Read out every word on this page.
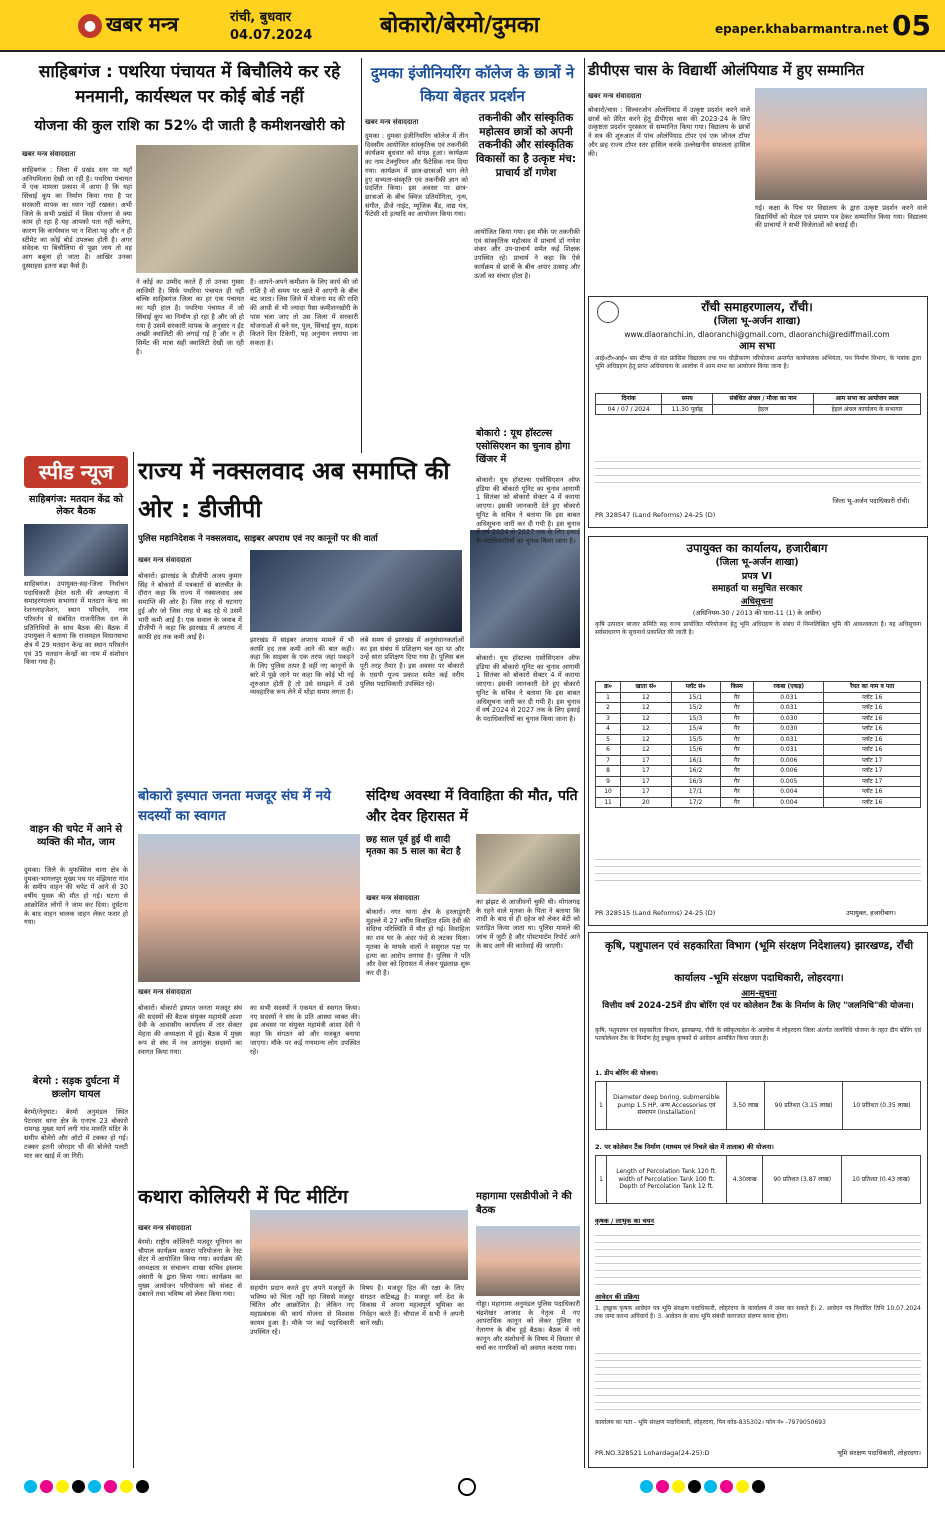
● खबर मन्त्र	रांची, बुधवार
04.07.2024	बोकारो/बेरमो/दुमका	epaper.khabarmantra.net 05
साहिबगंज : पथरिया पंचायत में बिचौलिये कर रहे मनमानी, कार्यस्थल पर कोई बोर्ड नहीं
योजना की कुल राशि का 52% दी जाती है कमीशनखोरी को
खबर मन्त्र संवाददाता
साहिबगंज : जिला में प्रखंड स्तर पर यहाँ अनियमितता देखी जा रही है। पथरिया पंचायत में एक मामला प्रकाश में आया है कि यहां सिंचाई कूप का निर्माण किया गया है पर सरकारी मापक का ध्यान नहीं रखकर। अभी जिले के सभी प्रखंडों में किस योजना से क्या काम हो रहा है यह आपको पता नहीं चलेगा, कारण कि कार्यस्थल पर न शिला पट्ट और न ही स्टीमेट का कोई बोर्ड उपलब्ध होती है। अगर संवेदक या बिचौलिया से पूछा जाय तो वह आग बबूला हो जाता है। आखिर उनका दुस्साहस इतना बढ़ा कैसे है।
ने कोई का उम्मीद करते हैं तो उनका गुस्सा लाजिमी है। सिर्फ पथरिया पंचायत ही नहीं बल्कि साहिबगंज जिला का हर एक पंचायत का यही हाल है। पथरिया पंचायत में जो सिंचाई कूप का निर्माण हो रहा है और जो हो गया है उसमें सरकारी मापक के अनुसार न ईट अच्छी क्वालिटी की लगाई गई है और न ही सिमेंट की मात्रा सही क्वालिटी देखी जा रही है।
है। आपने-अपने कमीशन के लिए कार्य की जो राशि है वो समय पर खाते में आएगी के बीच बंट जाता। जिस जिले में योजना मद की राशि की आधी से भी ज्यादा पैसा कमीशनखोरी के पास चला जाए तो उस जिला में सरकारी योजनाओं से बने घर, पुल, सिंचाई कूप, सड़क कितने दिन टिकेगी, यह अनुमान लगाया जा सकता है।
दुमका इंजीनियरिंग कॉलेज के छात्रों ने किया बेहतर प्रदर्शन
खबर मन्त्र संवाददाता	तकनीकी और सांस्कृतिक महोत्सव छात्रों को अपनी तकनीकी और सांस्कृतिक विकासों का है उत्कृष्ट मंच: प्राचार्य डॉ गणेश
दुमका : दुमका इंजीनियरिंग कॉलेज में तीन दिवसीय आयोजित सांस्कृतिक एवं तकनीकी कार्यक्रम बुधवार को संपन्न हुआ। कार्यक्रम का नाम टेक्नुरियन और फैंटेसिक नाम दिया गया। कार्यक्रम में छात्र-छात्राओं भाग लेते हुए सभ्यता-संस्कृति एवं तकनीकी ज्ञान को प्रदर्शित किया। इस अवसर पर छात्र-छात्राओं के बीच क्विज प्रतियोगिता, नृत्य, संगीत, डीजे नाईट, म्यूजिक बैंड, वाद्य यंत्र, फैंटेसी शो इत्यादि का आयोजन किया गया।
आयोजित किया गया। इस मौके पर तकनीकी एवं सांस्कृतिक महोत्सव में प्राचार्य डॉ गणेश शंकर और उप-प्राचार्य समेत कई शिक्षक उपस्थित रहे। प्राचार्य ने कहा कि ऐसे कार्यक्रम से छात्रों के बीच अपार उत्साह और ऊर्जा का संचार होता है।
डीपीएस चास के विद्यार्थी ओलंपियाड में हुए सम्मानित
खबर मन्त्र संवाददाता
बोकारो/चास : सिल्वरजोन ओलंपियाड में उत्कृष्ट प्रदर्शन करने वाले छात्रों को प्रेरित करने हेतु डीपीएस चास की 2023-24 के लिए उत्कृष्टता प्रदर्शन पुरस्कार से सम्मानित किया गया। विद्यालय के छात्रों ने सत्र की शुरुआत में पांच ओलंपियाड टॉपर एवं एक जोनल टॉपर और छह राज्य टॉपर स्तर हासिल करके उल्लेखनीय सफलता हासिल की।
गई। कक्षा के पिच पर विद्यालय के द्वारा उत्कृष्ट प्रदर्शन करने वाले विद्यार्थियों को मेडल एवं प्रमाण पत्र देकर सम्मानित किया गया। विद्यालय की प्राचार्या ने सभी विजेताओं को बधाई दी।
राँची समाहरणालय, राँची।
(जिला भू-अर्जन शाखा)
www.dlaoranchi.in, dlaoranchi@gmail.com, dlaoranchi@rediffmail.com
आम सभा
आई०टी०आई० बस स्टैण्ड से संत फ्रांसिस विद्यालय तक पथ चौड़ीकरण परियोजना अन्तर्गत कार्यपालक अभियंता, पथ निर्माण विभाग, के पत्रांक द्वारा भूमि अधिग्रहण हेतु प्राप्त अधियाचना के आलोक में आम सभा का आयोजन किया जाना है।
दिनांक	समय	संबंधित अंचल / मौजा का नाम	आम सभा का आयोजन स्थल
04 / 07 / 2024	11.30 पूर्वाह्न	हेहल	हेहल अंचल कार्यालय के सभागार
PR 328547 (Land Reforms) 24-25 (D)
जिला भू-अर्जन पदाधिकारी राँची।
स्पीड न्यूज
साहिबगंज: मतदान केंद्र को लेकर बैठक
साहिबगंज। उपायुक्त-सह-जिला निर्वाचन पदाधिकारी हेमंत सती की अध्यक्षता में समाहरणालय सभागार में मतदान केन्द्र का रेशनलाइजेशन, स्थान परिवर्तन, नाम परिवर्तन से संबंधित राजनीतिक दल के प्रतिनिधियों के साथ बैठक की। बैठक में उपायुक्त ने बताया कि राजमहल विधानसभा क्षेत्र में 29 मतदान केन्द्र का स्थान परिवर्तन एवं 35 मतदान केन्द्रों का नाम में संशोधन किया गया है।
वाहन की चपेट में आने से व्यक्ति की मौत, जाम
दुमका। जिले के मुफस्सिल थाना क्षेत्र के दुमका-भागलपुर मुख्य पथ पर मंझियारा गांव के समीप वाहन की चपेट में आने से 30 वर्षीय युवक की मौत हो गई। घटना से आक्रोशित लोगों ने जाम कर दिया। दुर्घटना के बाद वाहन चालक वाहन लेकर फरार हो गया।
बेरमो : सड़क दुर्घटना में छःलोग घायल
बेरमो/तेनुघाट। बेरमो अनुमंडल स्थित पेटरवार थाना क्षेत्र के एनएच 23 बोकारो रामगढ़ मुख्य मार्ग लगी गांव मारुति मंदिर के समीप बोलेरो और ऑटो में टक्कर हो गई। टक्कर इतनी जोरदार थी की बोलेरो पलटी मार कर खाई में जा गिरी।
राज्य में नक्सलवाद अब समाप्ति की ओर : डीजीपी
पुलिस महानिदेशक ने नक्सलवाद, साइबर अपराध एवं नए कानूनों पर की वार्ता
खबर मन्त्र संवाददाता
बोकारो। झारखंड के डीजीपी अजय कुमार सिंह ने बोकारो में पत्रकारों से बातचीत के दौरान कहा कि राज्य में नक्सलवाद अब समाप्ति की ओर है। जिस तरह से घटनाएं हुई और जो जिस तरह से बढ़ रहे थे उसमें भारी कमी आई है। एक सवाल के जवाब में डीजीपी ने कहा कि झारखंड में अपराध में काफी हद तक कमी आई है।	झारखंड में साइबर अपराध मामले में भी काफी हद तक कमी आने की बात कही। कहा कि साइबर के एक तरफ जहां पकड़ने के लिए पुलिस तत्पर है वहीं नए कानूनों के बारे में पूछे जाने पर कहा कि कोई भी नई शुरुआत होती है तो उसे समझने में उसे व्यवहारिक रूप लेने में थोड़ा समय लगता है।
लंबे समय से झारखंड में अनुसंधानकर्ताओं का इस संबंध में प्रशिक्षण चल रहा था और उन्हें सारा प्रशिक्षण दिया गया है। पुलिस बल पूरी तरह तैयार है। इस अवसर पर बोकारो के एसपी पूज्य प्रकाश समेत कई वरीय पुलिस पदाधिकारी उपस्थित रहे।
बोकारो : यूथ हॉस्टल्स एसोसिएशन का चुनाव होगा खिंजर में
बोकारो। यूथ हॉस्टल्स एसोसिएशन ऑफ इंडिया की बोकारो यूनिट का चुनाव आगामी 1 सितंबर को बोकारो सेक्टर 4 में कराया जाएगा। इसकी जानकारी देते हुए बोकारो यूनिट के सचिव ने बताया कि इस बाबत अधिसूचना जारी कर दी गयी है। इस चुनाव में वर्ष 2024 से 2027 तक के लिए इकाई के पदाधिकारियों का चुनाव किया जाना है।
बोकारो। यूथ हॉस्टल्स एसोसिएशन ऑफ इंडिया की बोकारो यूनिट का चुनाव आगामी 1 सितंबर को बोकारो सेक्टर 4 में कराया जाएगा। इसकी जानकारी देते हुए बोकारो यूनिट के सचिव ने बताया कि इस बाबत अधिसूचना जारी कर दी गयी है। इस चुनाव में वर्ष 2024 से 2027 तक के लिए इकाई के पदाधिकारियों का चुनाव किया जाना है।
बोकारो इस्पात जनता मजदूर संघ में नये सदस्यों का स्वागत
खबर मन्त्र संवाददाता
बोकारो। बोकारो इस्पात जनता मजदूर संघ की सदस्यों की बैठक संयुक्त महामंत्री आशा देवी के आवासीय कार्यालय में तार सेक्टर मेहता की अध्यक्षता में हुई। बैठक में मुख्य रूप से संघ में नव आगंतुक सदस्यों का स्वागत किया गया।
का सभी सदस्यों ने एकमत से स्वागत किया। नए सदस्यों ने संघ के प्रति आस्था व्यक्त की। इस अवसर पर संयुक्त महामंत्री आशा देवी ने कहा कि संगठन को और मजबूत बनाया जाएगा। मौके पर कई गणमान्य लोग उपस्थित रहे।
संदिग्ध अवस्था में विवाहिता की मौत, पति और देवर हिरासत में
छह साल पूर्व हुई थी शादी मृतका का 5 साल का बेटा है
खबर मन्त्र संवाददाता
बोकारो। नगर थाना क्षेत्र के हरलाडुंगरी मुहल्ले में 27 वर्षीय विवाहिता रश्मि देवी की संदिग्ध परिस्थिति में मौत हो गई। विवाहिता का शव घर के अंदर फंदे से लटका मिला। मृतका के मायके वालों ने ससुराल पक्ष पर हत्या का आरोप लगाया है। पुलिस ने पति और देवर को हिरासत में लेकर पूछताछ शुरू कर दी है।
का झंझट से आजीवनों चुकी थी। मोगलगढ़ के रहने वाले मृतका के पिता ने बताया कि शादी के बाद से ही दहेज को लेकर बेटी को प्रताड़ित किया जाता था। पुलिस मामले की जांच में जुटी है और पोस्टमार्टम रिपोर्ट आने के बाद आगे की कार्रवाई की जाएगी।
कथारा कोलियरी में पिट मीटिंग
खबर मन्त्र संवाददाता
बेरमो। राष्ट्रीय कोलियरी मजदूर यूनियन का चौपाल कार्यक्रम कथारा परियोजना के रेस्ट सेंटर में आयोजित किया गया। कार्यक्रम की अध्यक्षता स संचालन शाखा सचिव इस्लाम अंसारी के द्वारा किया गया। कार्यक्रम का मुख्य आयोजन परियोजना को संकट से उबारने तथा भविष्य को लेकर किया गया।
सहयोग प्रदान करते हुए अपने मजदूरों के भविष्य को चिंता नहीं रहा जिससे मजदूर चिंतित और आक्रोशित है। लेकिन नए महाप्रबंधक की कार्य योजना से विश्वास कायम हुआ है। मौके पर कई पदाधिकारी उपस्थित रहे।
विषय है। मजदूर हित की रक्षा के लिए संगठन कटिबद्ध है। मजदूर वर्ग देश के विकास में अपना महत्वपूर्ण भूमिका का निर्वहन करते हैं। चौपाल में सभी ने अपनी बातें रखी।
महागामा एसडीपीओ ने की बैठक
गोड्डा। महागामा अनुमंडल पुलिस पदाधिकारी चंद्रशेखर आजाद के नेतृत्व में नए आपराधिक कानून को लेकर पुलिस व नेतागण के बीच हुई बैठक। बैठक में नये कानून और संशोधनों के विषय में विस्तार से चर्चा कर नागरिकों को अवगत कराया गया।
उपायुक्त का कार्यालय, हजारीबाग
(जिला भू-अर्जन शाखा)
प्रपत्र VI
समाहर्ता या समुचित सरकार
अधिसूचना
(अधिनियम-30 / 2013 की धारा-11 (1) के अधीन)
कृषि उत्पादन बाजार समिति सह राज्य प्रायोजित परियोजना हेतु भूमि अधिग्रहण के संबंध में निम्नलिखित भूमि की आवश्यकता है। यह अधिसूचना सर्वसाधारण के सूचनार्थ प्रकाशित की जाती है।
क्र०	खाता सं०	प्लॉट सं०	किस्म	रकबा (एकड़)	रैयत का नाम व पता
1	12	15/1	गैर	0.031	प्लॉट 16
2	12	15/2	गैर	0.031	प्लॉट 16
3	12	15/3	गैर	0.030	प्लॉट 16
4	12	15/4	गैर	0.030	प्लॉट 16
5	12	15/5	गैर	0.031	प्लॉट 16
6	12	15/6	गैर	0.031	प्लॉट 16
7	17	16/1	गैर	0.006	प्लॉट 17
8	17	16/2	गैर	0.006	प्लॉट 17
9	17	16/3	गैर	0.005	प्लॉट 17
10	17	17/1	गैर	0.004	प्लॉट 16
11	20	17/2	गैर	0.004	प्लॉट 16
PR 328515 (Land Reforms) 24-25 (D)	उपायुक्त, हजारीबाग।
कृषि, पशुपालन एवं सहकारिता विभाग (भूमि संरक्षण निदेशालय) झारखण्ड, राँची
कार्यालय -भूमि संरक्षण पदाधिकारी, लोहरदगा।
आम-सूचना
वित्तीय वर्ष 2024-25में डीप बोरिंग एवं पर कोलेशन टैंक के निर्माण के लिए "जलनिधि"की योजना।
कृषि, पशुपालन एवं सहकारिता विभाग, झारखण्ड, राँची के स्वीकृत्यादेश के आलोक में लोहरदगा जिला अंतर्गत जलनिधि योजना के तहत डीप बोरिंग एवं परकोलेशन टैंक के निर्माण हेतु इच्छुक कृषकों से आवेदन आमंत्रित किया जाता है।
1. डीप बोरिंग की योजना।
1	Diameter deep boring, submersible pump 1.5 HP, अन्य Accessories एवं संस्थापन (Installation)	3.50 लाख	90 प्रतिशत (3.15 लाख)	10 प्रतिशत (0.35 लाख)
2. पर कोलेशन टैंक निर्माण (माध्यम एवं निचले खेत में तालाब) की योजना।
1	Length of Percolation Tank 120 ft. width of Percolation Tank 100 ft. Depth of Percolation Tank 12 ft.	4.30लाख	90 प्रतिशत (3.87 लाख)	10 प्रतिशत (0.43 लाख)
कृषक / लाभुक का चयन
आवेदन की प्रक्रिया
1. इच्छुक कृषक आवेदन पत्र भूमि संरक्षण पदाधिकारी, लोहरदगा के कार्यालय में जमा कर सकते हैं। 2. आवेदन पत्र निर्धारित तिथि 10.07.2024 तक जमा करना अनिवार्य है। 3. आवेदन के साथ भूमि संबंधी कागजात संलग्न करना होगा।
कार्यालय का पता - भूमि संरक्षण पदाधिकारी, लोहरदगा, पिन कोड-835302। फोन नं० -7979050693
PR.NO.328521 Lohardaga(24-25):D	भूमि संरक्षण पदाधिकारी, लोहरदगा।
